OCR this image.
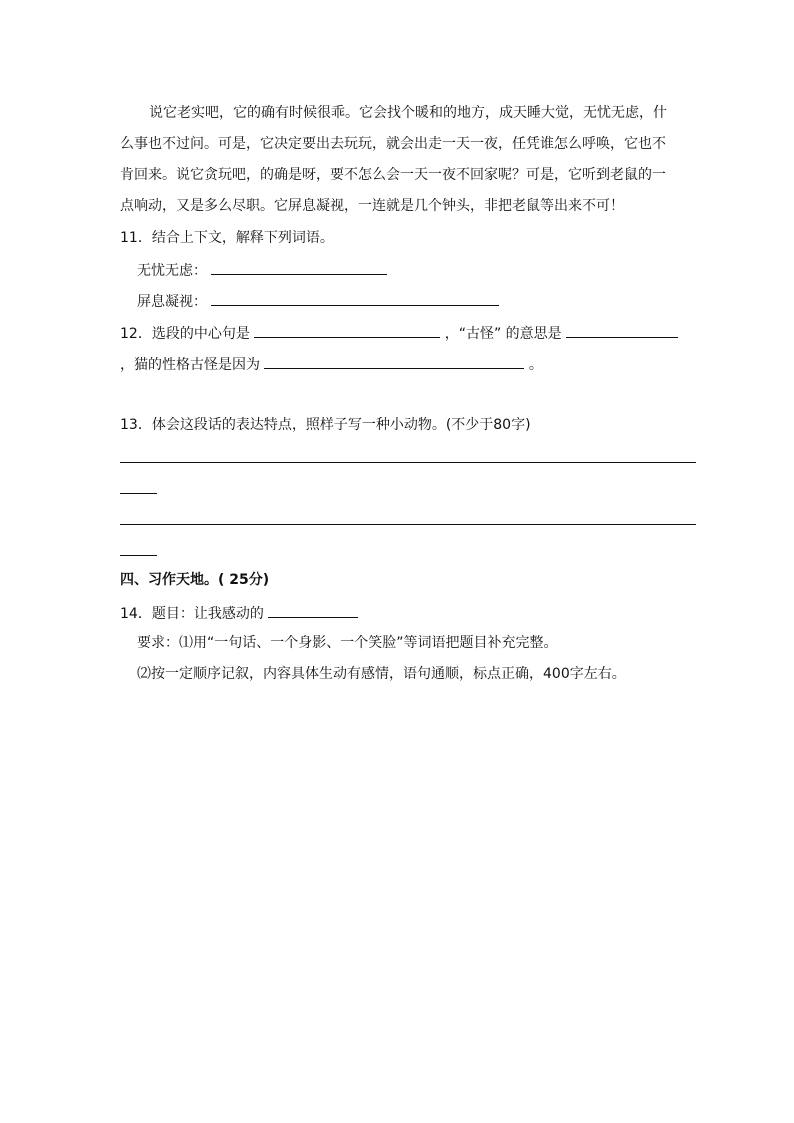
说它老实吧，它的确有时候很乖。它会找个暖和的地方，成天睡大觉，无忧无虑，什
么事也不过问。可是，它决定要出去玩玩，就会出走一天一夜，任凭谁怎么呼唤，它也不
肯回来。说它贪玩吧，的确是呀，要不怎么会一天一夜不回家呢？可是，它听到老鼠的一
点响动，又是多么尽职。它屏息凝视，一连就是几个钟头，非把老鼠等出来不可！
11．结合上下文，解释下列词语。
无忧无虑：
屏息凝视：
12．选段的中心句是	，“古怪” 的意思是
，猫的性格古怪是因为	。
13．体会这段话的表达特点，照样子写一种小动物。(不少于80字)
四、习作天地。( 25分)
14．题目：让我感动的
要求：⑴用“一句话、一个身影、一个笑脸”等词语把题目补充完整。
⑵按一定顺序记叙，内容具体生动有感情，语句通顺，标点正确，400字左右。
